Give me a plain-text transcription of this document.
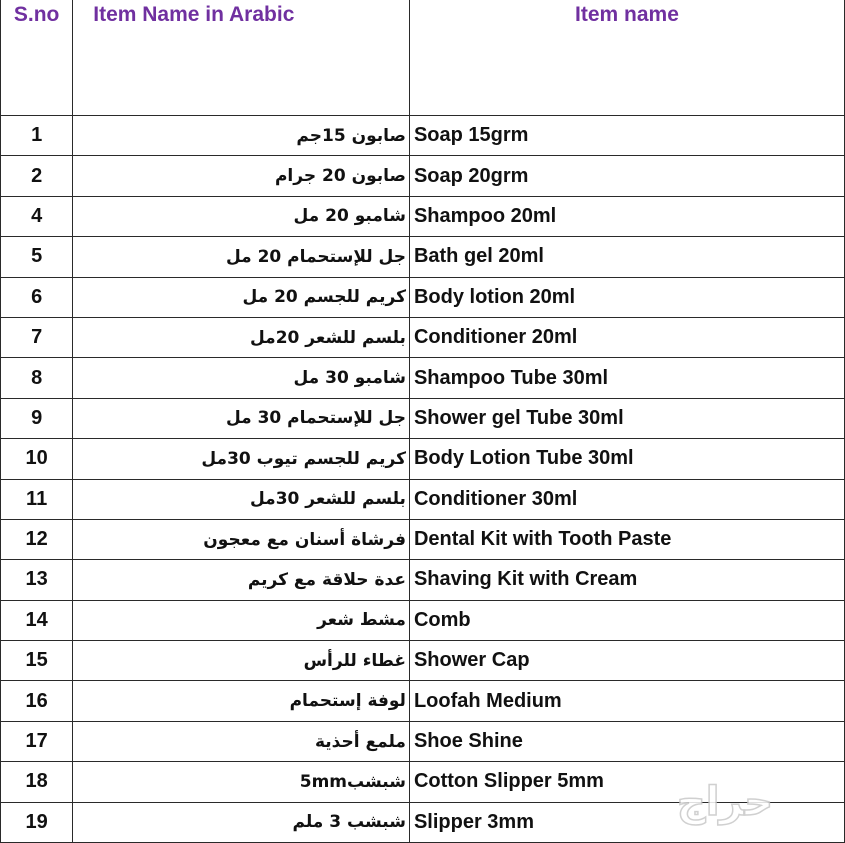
S.no	Item Name in Arabic	Item name
1	صابون 15جم	Soap 15grm
2	صابون 20 جرام	Soap 20grm
4	شامبو 20 مل	Shampoo 20ml
5	جل للإستحمام 20 مل	Bath gel 20ml
6	كريم للجسم 20 مل	Body lotion 20ml
7	بلسم للشعر 20مل	Conditioner 20ml
8	شامبو 30 مل	Shampoo Tube 30ml
9	جل للإستحمام 30 مل	Shower gel Tube 30ml
10	كريم للجسم تيوب 30مل	Body Lotion Tube 30ml
11	بلسم للشعر 30مل	Conditioner 30ml
12	فرشاة أسنان مع معجون	Dental Kit with Tooth Paste
13	عدة حلاقة مع كريم	Shaving Kit with Cream
14	مشط شعر	Comb
15	غطاء للرأس	Shower Cap
16	لوفة إستحمام	Loofah Medium
17	ملمع أحذية	Shoe Shine
18	شبشب5mm	Cotton Slipper 5mm
19	شبشب 3 ملم	Slipper 3mm	حراج
